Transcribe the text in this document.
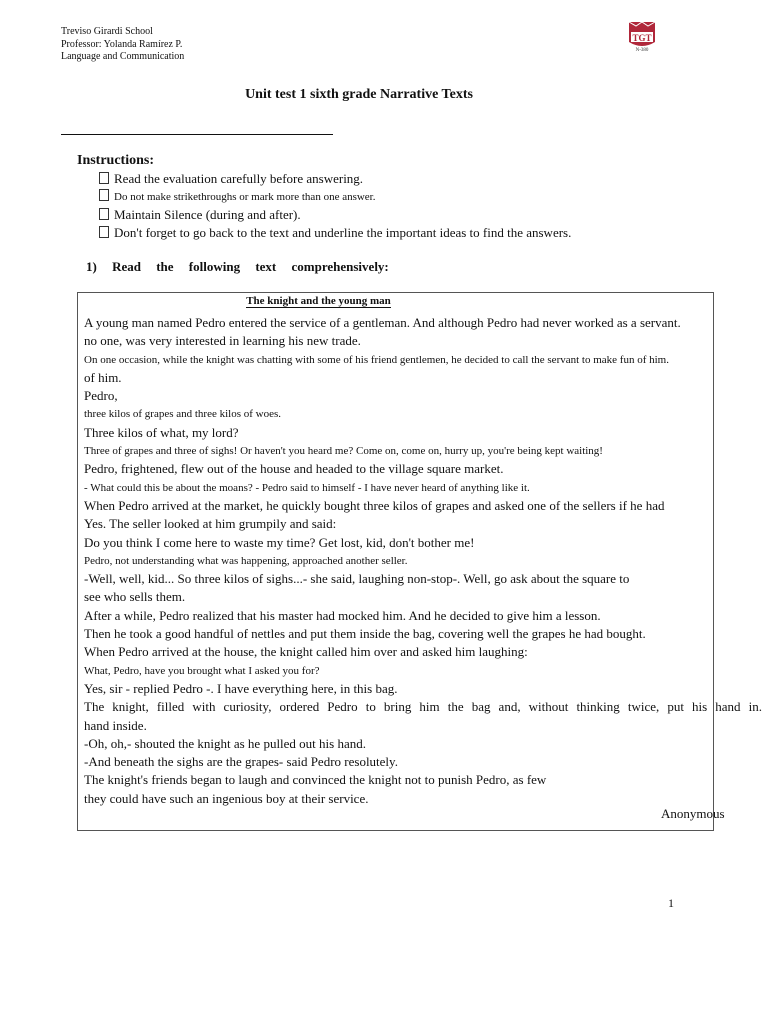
Treviso Girardi School
Professor: Yolanda Ramírez P.
Language and Communication
TGT
N-380
Unit test 1 sixth grade Narrative Texts
Instructions:
Read the evaluation carefully before answering.
Do not make strikethroughs or mark more than one answer.
Maintain Silence (during and after).
Don't forget to go back to the text and underline the important ideas to find the answers.
1) Read the following text comprehensively:
The knight and the young man
A young man named Pedro entered the service of a gentleman. And although Pedro had never worked as a servant.
no one, was very interested in learning his new trade.
On one occasion, while the knight was chatting with some of his friend gentlemen, he decided to call the servant to make fun of him.
of him.
Pedro,
three kilos of grapes and three kilos of woes.
Three kilos of what, my lord?
Three of grapes and three of sighs! Or haven't you heard me? Come on, come on, hurry up, you're being kept waiting!
Pedro, frightened, flew out of the house and headed to the village square market.
- What could this be about the moans? - Pedro said to himself - I have never heard of anything like it.
When Pedro arrived at the market, he quickly bought three kilos of grapes and asked one of the sellers if he had
Yes. The seller looked at him grumpily and said:
Do you think I come here to waste my time? Get lost, kid, don't bother me!
Pedro, not understanding what was happening, approached another seller.
-Well, well, kid... So three kilos of sighs...- she said, laughing non-stop-. Well, go ask about the square to
see who sells them.
After a while, Pedro realized that his master had mocked him. And he decided to give him a lesson.
Then he took a good handful of nettles and put them inside the bag, covering well the grapes he had bought.
When Pedro arrived at the house, the knight called him over and asked him laughing:
What, Pedro, have you brought what I asked you for?
Yes, sir - replied Pedro -. I have everything here, in this bag.
The knight, filled with curiosity, ordered Pedro to bring him the bag and, without thinking twice, put his hand in.
hand inside.
-Oh, oh,- shouted the knight as he pulled out his hand.
-And beneath the sighs are the grapes- said Pedro resolutely.
The knight's friends began to laugh and convinced the knight not to punish Pedro, as few
they could have such an ingenious boy at their service.
Anonymous
1
